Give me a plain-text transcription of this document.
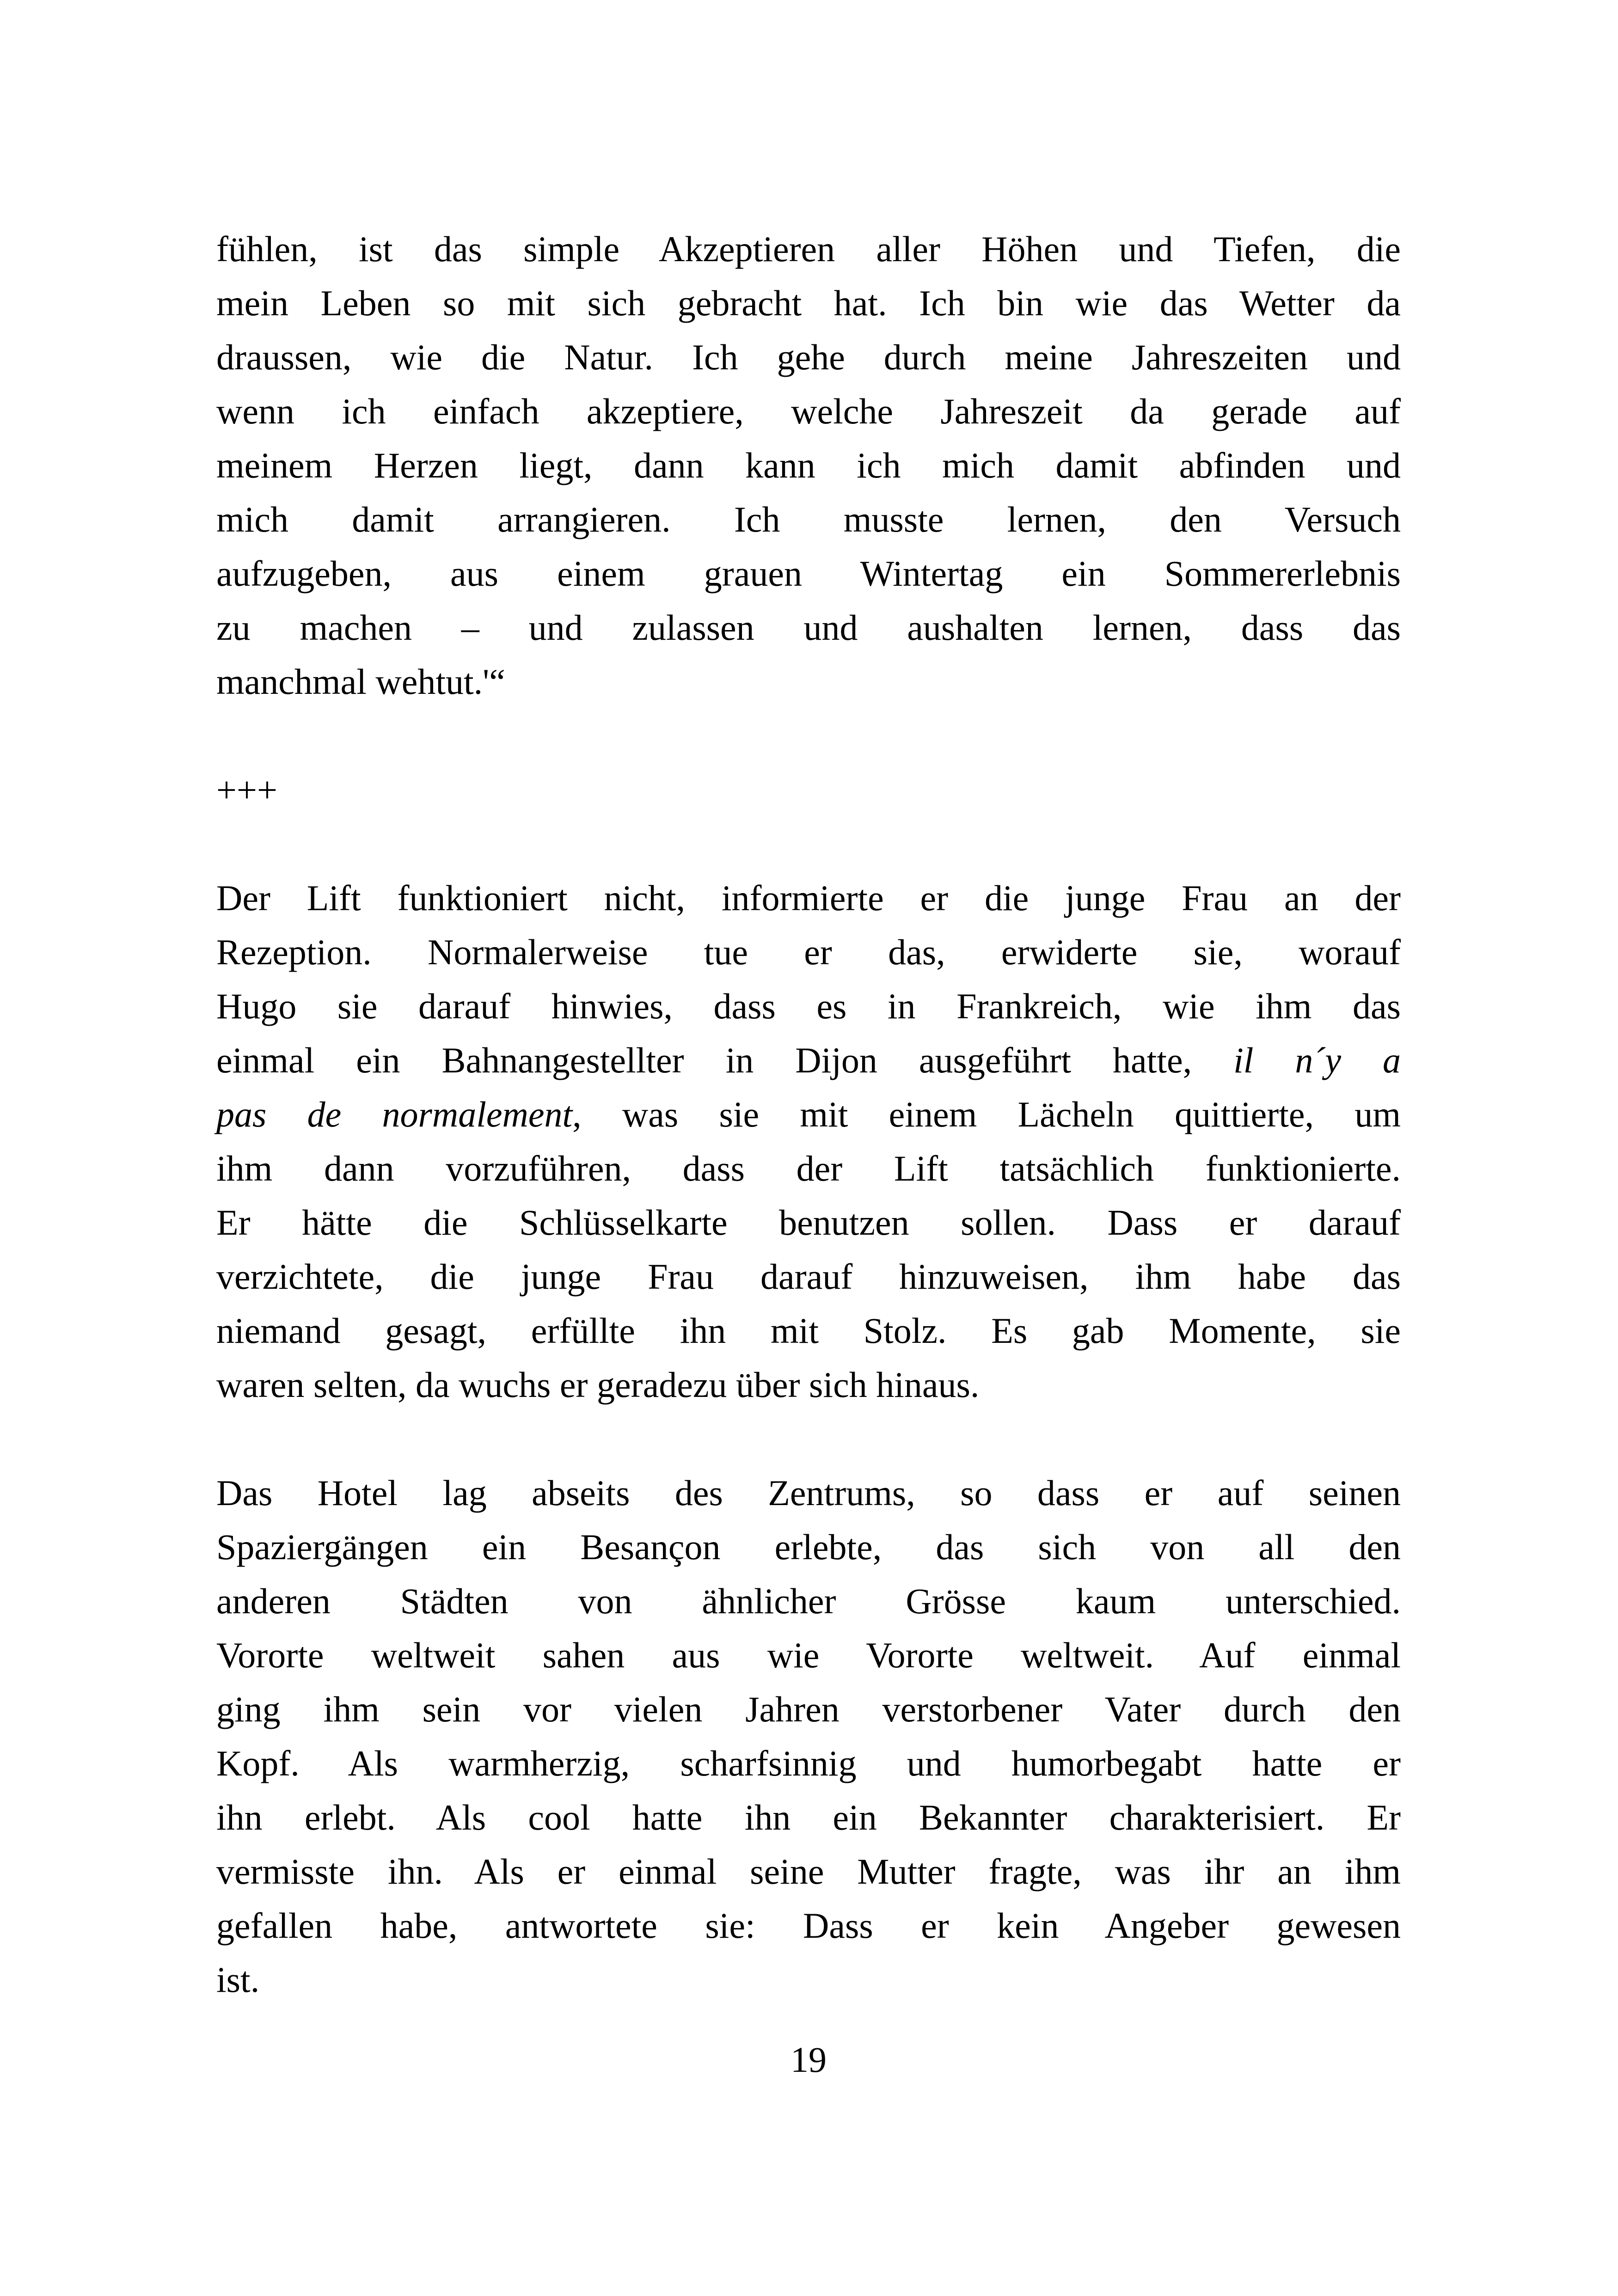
fühlen, ist das simple Akzeptieren aller Höhen und Tiefen, die
mein Leben so mit sich gebracht hat. Ich bin wie das Wetter da
draussen, wie die Natur. Ich gehe durch meine Jahreszeiten und
wenn ich einfach akzeptiere, welche Jahreszeit da gerade auf
meinem Herzen liegt, dann kann ich mich damit abfinden und
mich damit arrangieren. Ich musste lernen, den Versuch
aufzugeben, aus einem grauen Wintertag ein Sommererlebnis
zu machen – und zulassen und aushalten lernen, dass das
manchmal wehtut.'“
+++
Der Lift funktioniert nicht, informierte er die junge Frau an der
Rezeption. Normalerweise tue er das, erwiderte sie, worauf
Hugo sie darauf hinwies, dass es in Frankreich, wie ihm das
einmal ein Bahnangestellter in Dijon ausgeführt hatte, il n´y a
pas de normalement, was sie mit einem Lächeln quittierte, um
ihm dann vorzuführen, dass der Lift tatsächlich funktionierte.
Er hätte die Schlüsselkarte benutzen sollen. Dass er darauf
verzichtete, die junge Frau darauf hinzuweisen, ihm habe das
niemand gesagt, erfüllte ihn mit Stolz. Es gab Momente, sie
waren selten, da wuchs er geradezu über sich hinaus.
Das Hotel lag abseits des Zentrums, so dass er auf seinen
Spaziergängen ein Besançon erlebte, das sich von all den
anderen Städten von ähnlicher Grösse kaum unterschied.
Vororte weltweit sahen aus wie Vororte weltweit. Auf einmal
ging ihm sein vor vielen Jahren verstorbener Vater durch den
Kopf. Als warmherzig, scharfsinnig und humorbegabt hatte er
ihn erlebt. Als cool hatte ihn ein Bekannter charakterisiert. Er
vermisste ihn. Als er einmal seine Mutter fragte, was ihr an ihm
gefallen habe, antwortete sie: Dass er kein Angeber gewesen
ist.
19
